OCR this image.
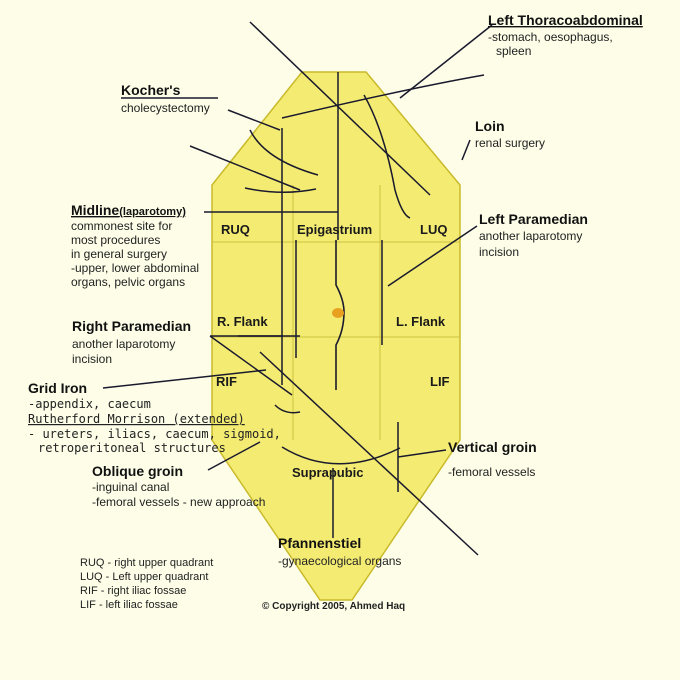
RUQ	Epigastrium	LUQ
R. Flank	L. Flank
RIF	LIF
Suprapubic
Left Thoracoabdominal
-stomach, oesophagus,
spleen
Kocher's
cholecystectomy
Loin
renal surgery
Midline(laparotomy)
commonest site for
most procedures
in general surgery
-upper, lower abdominal
organs, pelvic organs
Left Paramedian
another laparotomy
incision
Right Paramedian
another laparotomy
incision
Grid Iron
-appendix, caecum
Rutherford Morrison (extended)
- ureters, iliacs, caecum, sigmoid,
retroperitoneal structures	Vertical groin
-femoral vessels
Oblique groin
-inguinal canal
-femoral vessels - new approach
Pfannenstiel
-gynaecological organs
RUQ - right upper quadrant
LUQ - Left upper quadrant
RIF - right iliac fossae
LIF - left iliac fossae	© Copyright 2005, Ahmed Haq
